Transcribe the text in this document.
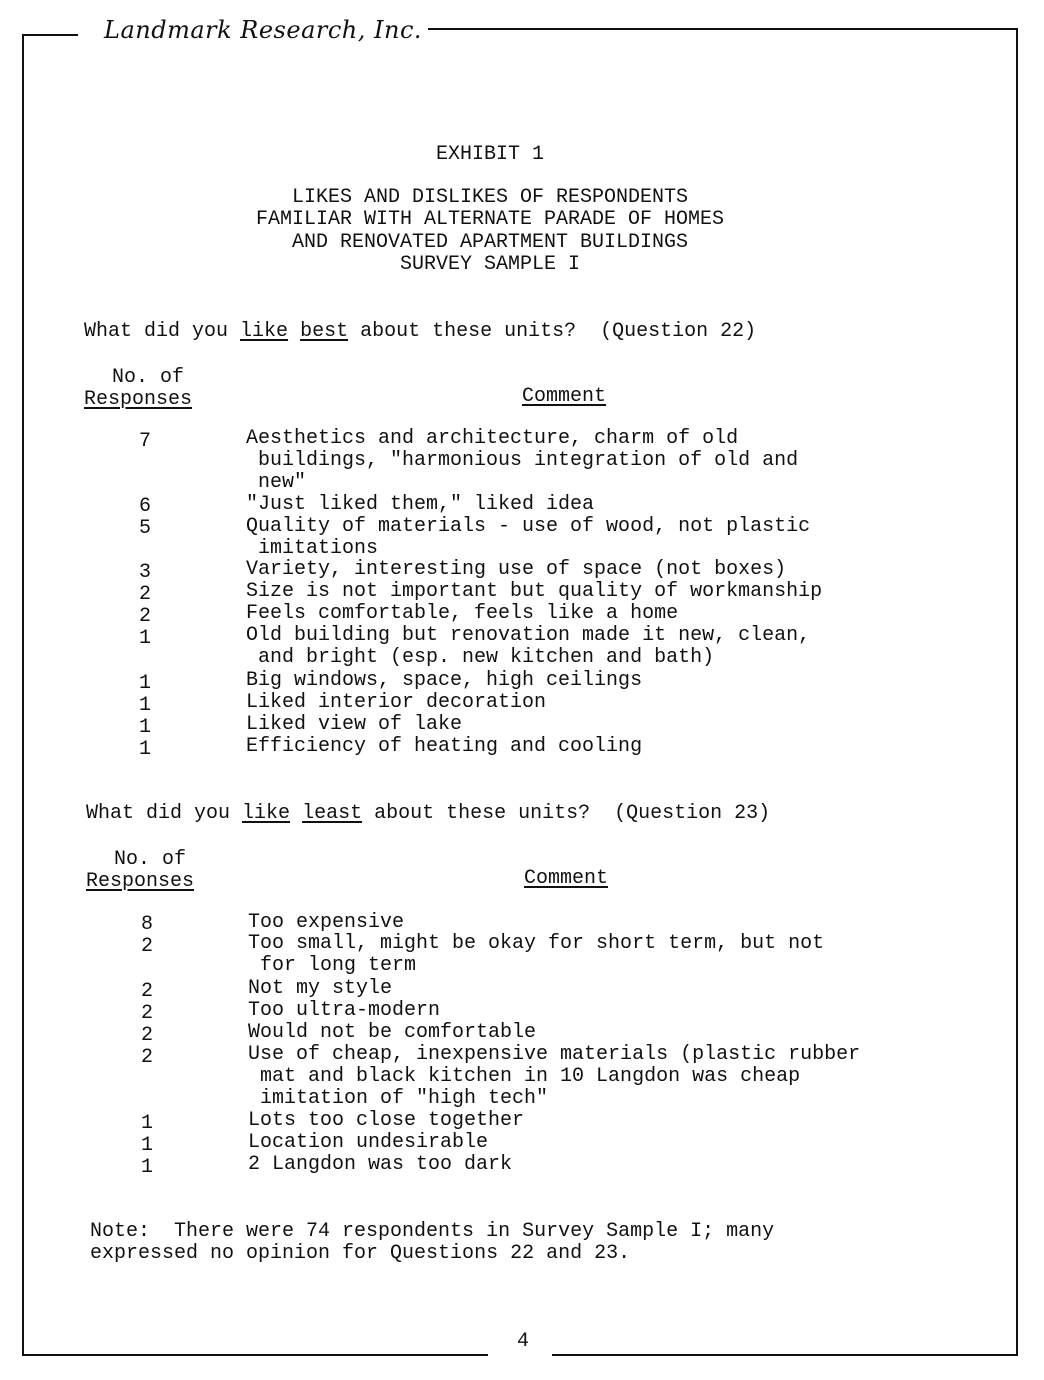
Landmark Research, Inc.
EXHIBIT 1
LIKES AND DISLIKES OF RESPONDENTS
FAMILIAR WITH ALTERNATE PARADE OF HOMES
AND RENOVATED APARTMENT BUILDINGS
SURVEY SAMPLE I
What did you like best about these units?  (Question 22)
No. of
Responses	Comment
7	Aesthetics and architecture, charm of old
buildings, "harmonious integration of old and
new"
6	"Just liked them," liked idea
5	Quality of materials - use of wood, not plastic
imitations
3	Variety, interesting use of space (not boxes)
2	Size is not important but quality of workmanship
2	Feels comfortable, feels like a home
1	Old building but renovation made it new, clean,
and bright (esp. new kitchen and bath)
1	Big windows, space, high ceilings
1	Liked interior decoration
1	Liked view of lake
1	Efficiency of heating and cooling
What did you like least about these units?  (Question 23)
No. of
Responses	Comment
8	Too expensive
2	Too small, might be okay for short term, but not
for long term
2	Not my style
2	Too ultra-modern
2	Would not be comfortable
2	Use of cheap, inexpensive materials (plastic rubber
mat and black kitchen in 10 Langdon was cheap
imitation of "high tech"
1	Lots too close together
1	Location undesirable
1	2 Langdon was too dark
Note:  There were 74 respondents in Survey Sample I; many
expressed no opinion for Questions 22 and 23.
4
